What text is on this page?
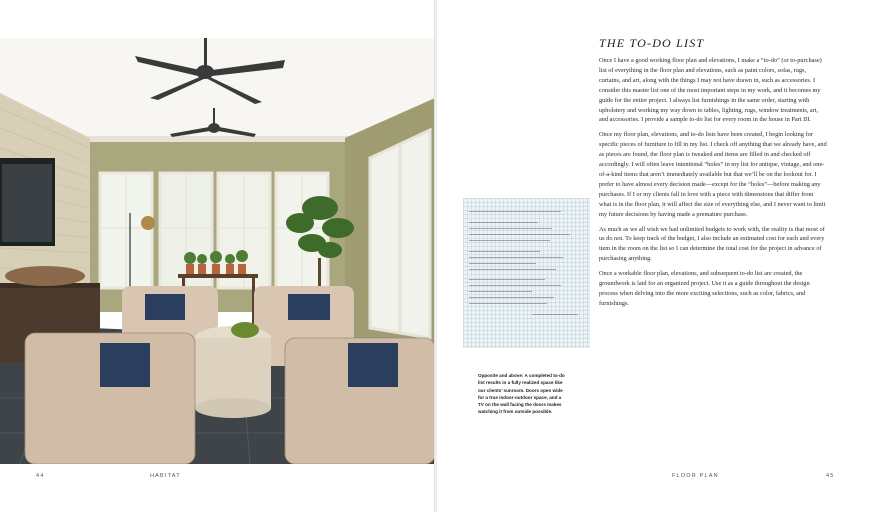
44	HABITAT
THE TO-DO LIST

Once I have a good working floor plan and elevations, I make a “to-do” (or to-purchase) list of everything in the floor plan and elevations, such as paint colors, sofas, rugs, curtains, and art, along with the things I may not have drawn in, such as accessories. I consider this master list one of the most important steps in my work, and it becomes my guide for the entire project. I always list furnishings in the same order, starting with upholstery and working my way down to tables, lighting, rugs, window treatments, art, and accessories. I provide a sample to-do list for every room in the house in Part III.

Once my floor plan, elevations, and to-do lists have been created, I begin looking for specific pieces of furniture to fill in my list. I check off anything that we already have, and as pieces are found, the floor plan is tweaked and items are filled in and checked off accordingly. I will often leave intentional “holes” in my list for antique, vintage, and one-of-a-kind items that aren’t immediately available but that we’ll be on the lookout for. I prefer to have almost every decision made—except for the “holes”—before making any purchases. If I or my clients fall in love with a piece with dimensions that differ from what is in the floor plan, it will affect the size of everything else, and I never want to limit my future decisions by having made a premature purchase.

As much as we all wish we had unlimited budgets to work with, the reality is that most of us do not. To keep track of the budget, I also include an estimated cost for each and every item in the room on the list so I can determine the total cost for the project in advance of purchasing anything.

Once a workable floor plan, elevations, and subsequent to-do list are created, the groundwork is laid for an organized project. Use it as a guide throughout the design process when delving into the more exciting selections, such as color, fabrics, and furnishings.

Opposite and above: A completed to-do list results in a fully realized space like our clients’ sunroom. Doors open wide for a true indoor-outdoor space, and a TV on the wall facing the doors makes watching it from outside possible.
FLOOR PLAN	45
